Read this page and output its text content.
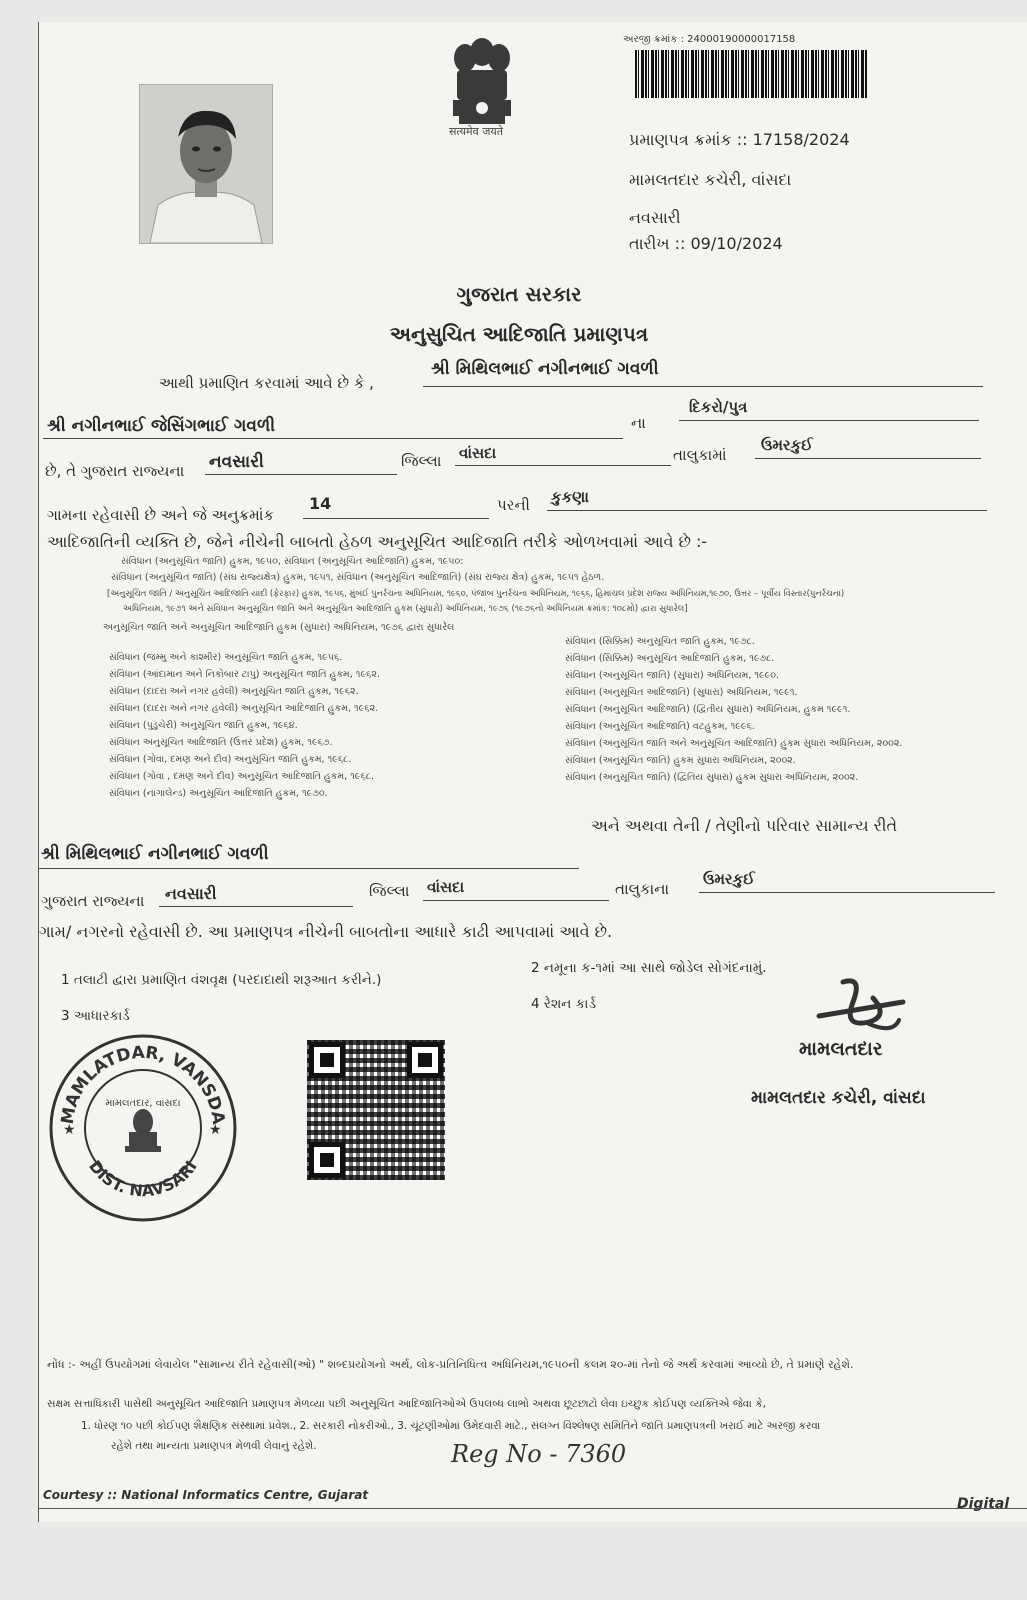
सत्यमेव जयते
અરજી ક્રમાંક : 24000190000017158
પ્રમાણપત્ર ક્રમાંક :: 17158/2024
મામલતદાર કચેરી, વાંસદા
નવસારી
તારીખ :: 09/10/2024
ગુજરાત સરકાર
અનુસુચિત આદિજાતિ પ્રમાણપત્ર
આથી પ્રમાણિત કરવામાં આવે છે કે ,
શ્રી મિથિલભાઈ નગીનભાઈ ગવળી
શ્રી નગીનભાઈ જેસિંગભાઈ ગવળી	ના
દિકરો/પુત્ર
છે, તે ગુજરાત રાજ્યના નવસારી	જિલ્લા વાંસદા	તાલુકામાં
ઉમરકુઈ
ગામના રહેવાસી છે અને જે અનુક્રમાંક
14	પરની કુકણા
આદિજાતિની વ્યક્તિ છે, જેને નીચેની બાબતો હેઠળ અનુસૂચિત આદિજાતિ તરીકે ઓળખવામાં આવે છે :-
સંવિધાન (અનુસૂચિત જાતિ) હુકમ, ૧૯૫૦, સંવિધાન (અનુસૂચિત આદિજાતિ) હુકમ, ૧૯૫૦:
સંવિધાન (અનુસૂચિત જાતિ) (સંઘ રાજ્યક્ષેત્ર) હુકમ, ૧૯૫૧, સંવિધાન (અનુસૂચિત આદિજાતિ) (સંઘ રાજ્ય ક્ષેત્ર) હુકમ, ૧૯૫૧ હેઠળ.
[અનુસૂચિત જાતિ / અનુસૂચિત આદિજાતિ યાદી (ફેરફાર) હુકમ, ૧૯૫૬, મુંબઈ પુનર્રચના અધિનિયમ, ૧૯૬૦, પંજાબ પુનર્રચના અધિનિયમ, ૧૯૬૬, હિમાચલ પ્રદેશ રાજ્ય અધિનિયમ,૧૯૭૦, ઉત્તર – પૂર્વીય વિસ્તાર(પુનર્રચના)
અધિનિયમ, ૧૯૭૧ અને સંવિધાન અનુસૂચિત જાતિ અને અનુસૂચિત આદિજાતિ હુકમ (સુધારો) અધિનિયમ, ૧૯૭૬ (૧૯૭૬નો અધિનિયમ ક્રમાંક: ૧૦૮મો) દ્વારા સુધારેલ]
અનુસૂચિત જાતિ અને અનુસૂચિત આદિજાતિ હુકમ (સુધારા) અધિનિયમ, ૧૯૭૬ દ્વારા સુધારેલ
સંવિધાન (જમ્મુ અને કાશ્મીર) અનુસૂચિત જાતિ હુકમ, ૧૯૫૬.
સંવિધાન (આંદામાન અને નિકોબાર ટાપુ) અનુસૂચિત જાતિ હુકમ, ૧૯૬૨.
સંવિધાન (દાદરા અને નગર હવેલી) અનુસૂચિત જાતિ હુકમ, ૧૯૬૨.
સંવિધાન (દાદરા અને નગર હવેલી) અનુસૂચિત આદિજાતિ હુકમ, ૧૯૬૨.
સંવિધાન (પુડુચેરી) અનુસૂચિત જાતિ હુકમ, ૧૯૬૪.
સંવિધાન અનુસૂચિત આદિજાતિ (ઉત્તર પ્રદેશ) હુકમ, ૧૯૬૭.
સંવિધાન (ગોવા, દમણ અને દીવ) અનુસૂચિત જાતિ હુકમ, ૧૯૬૮.
સંવિધાન (ગોવા , દમણ અને દીવ) અનુસૂચિત આદિજાતિ હુકમ, ૧૯૬૮.
સંવિધાન (નાગાલેન્ડ) અનુસૂચિત આદિજાતિ હુકમ, ૧૯૭૦.
સંવિધાન (સિક્કિમ) અનુસૂચિત જાતિ હુકમ, ૧૯૭૮.
સંવિધાન (સિક્કિમ) અનુસૂચિત આદિજાતિ હુકમ, ૧૯૭૮.
સંવિધાન (અનુસૂચિત જાતિ) (સુધારા) અધિનિયમ, ૧૯૯૦.
સંવિધાન (અનુસૂચિત આદિજાતિ) (સુધારા) અધિનિયમ, ૧૯૯૧.
સંવિધાન (અનુસૂચિત આદિજાતિ) (દ્વિતીય સુધારા) અધિનિયમ, હુકમ ૧૯૯૧.
સંવિધાન (અનુસૂચિત આદિજાતિ) વટહુકમ, ૧૯૯૬.
સંવિધાન (અનુસૂચિત જાતિ અને અનુસૂચિત આદિજાતિ) હુકમ સુધારા અધિનિયમ, ૨૦૦૨.
સંવિધાન (અનુસૂચિત જાતિ) હુકમ સુધારા અધિનિયમ, ૨૦૦૨.
સંવિધાન (અનુસૂચિત જાતિ) (દ્વિતિય સુધારા) હુકમ સુધારા અધિનિયમ, ૨૦૦૨.
અને અથવા તેની / તેણીનો પરિવાર સામાન્ય રીતે
શ્રી મિથિલભાઈ નગીનભાઈ ગવળી
ગુજરાત રાજ્યના નવસારી	જિલ્લા વાંસદા	તાલુકાના
ઉમરકુઈ
ગામ/ નગરનો રહેવાસી છે. આ પ્રમાણપત્ર નીચેની બાબતોના આધારે કાઢી આપવામાં આવે છે.
1 તલાટી દ્વારા પ્રમાણિત વંશવૃક્ષ (પરદાદાથી શરૂઆત કરીને.)
2 નમૂના ક-૧માં આ સાથે જોડેલ સોગંદનામું.
3 આધારકાર્ડ
4 રેશન કાર્ડ
MAMLATDAR, VANSDA
DIST. NAVSARI
★	★
મામલતદાર, વાંસદા
મામલતદાર
મામલતદાર કચેરી, વાંસદા
નોંધ :- અહીં ઉપયોગમાં લેવાયેલ "સામાન્ય રીતે રહેવાસી(ઓ) " શબ્દપ્રયોગનો અર્થ, લોક-પ્રતિનિધિત્વ અધિનિયમ,૧૯૫૦ની કલમ ૨૦-માં તેનો જે અર્થ કરવામાં આવ્યો છે, તે પ્રમાણે રહેશે.
સક્ષમ સત્તાધિકારી પાસેથી અનુસૂચિત આદિજાતિ પ્રમાણપત્ર મેળવ્યા પછી અનુસૂચિત આદિજાતિઓએ ઉપલબ્ધ લાભો અથવા છૂટછાટો લેવા ઇચ્છુક કોઈપણ વ્યક્તિએ જેવા કે,
1. ધોરણ ૧૦ પછી કોઈપણ શૈક્ષણિક સંસ્થામાં પ્રવેશ., 2. સરકારી નોકરીઓ., 3. ચૂંટણીઓમાં ઉમેદવારી માટે., સંલગ્ન વિશ્લેષણ સમિતિને જાતિ પ્રમાણપત્રની ખરાઈ માટે અરજી કરવા
રહેશે તથા માન્યતા પ્રમાણપત્ર મેળવી લેવાનું રહેશે.	Reg No - 7360
Courtesy :: National Informatics Centre, Gujarat
Digital
